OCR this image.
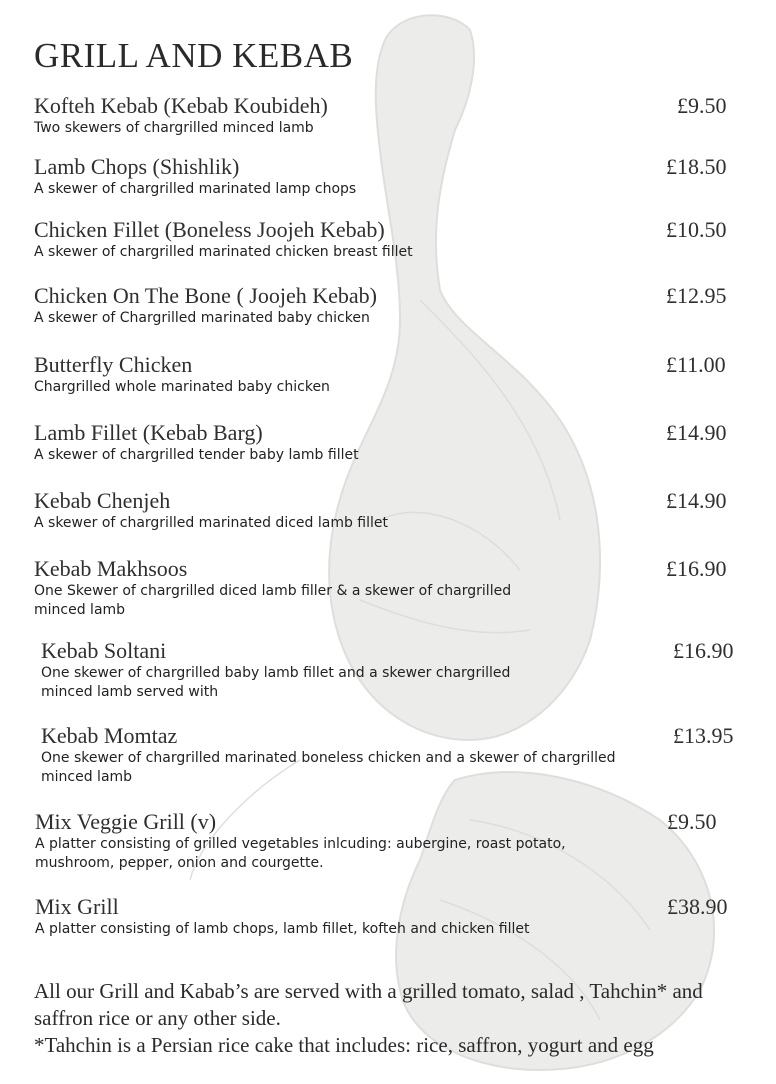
GRILL AND KEBAB
Kofteh Kebab (Kebab Koubideh)
Two skewers of chargrilled minced lamb
£9.50
Lamb Chops (Shishlik)
A skewer of chargrilled marinated lamp chops
£18.50
Chicken Fillet (Boneless Joojeh Kebab)
A skewer of chargrilled marinated chicken breast fillet
£10.50
Chicken On The Bone ( Joojeh Kebab)
A skewer of Chargrilled marinated baby chicken
£12.95
Butterfly Chicken
Chargrilled whole marinated baby chicken
£11.00
Lamb Fillet (Kebab Barg)
A skewer of chargrilled tender baby lamb fillet
£14.90
Kebab Chenjeh
A skewer of chargrilled marinated diced lamb fillet
£14.90
Kebab Makhsoos
One Skewer of chargrilled diced lamb filler & a skewer of chargrilled minced lamb
£16.90
Kebab Soltani
One skewer of chargrilled baby lamb fillet and a skewer chargrilled minced lamb served with
£16.90
Kebab Momtaz
One skewer of chargrilled marinated boneless chicken and a skewer of chargrilled minced lamb
£13.95
Mix Veggie Grill (v)
A platter consisting of grilled vegetables inlcuding: aubergine, roast potato, mushroom, pepper, onion and courgette.
£9.50
Mix Grill
A platter consisting of lamb chops, lamb fillet, kofteh and chicken fillet
£38.90

All our Grill and Kabab’s are served with a grilled tomato, salad , Tahchin* and saffron rice or any other side.

*Tahchin is a Persian rice cake that includes: rice, saffron, yogurt and egg
